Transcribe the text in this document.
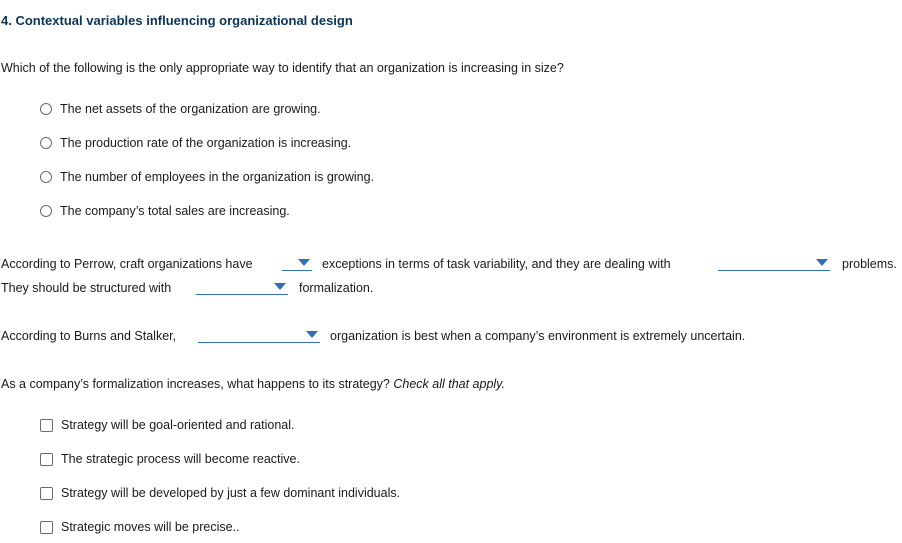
4. Contextual variables influencing organizational design
Which of the following is the only appropriate way to identify that an organization is increasing in size?
The net assets of the organization are growing.
The production rate of the organization is increasing.
The number of employees in the organization is growing.
The company’s total sales are increasing.
According to Perrow, craft organizations have	exceptions in terms of task variability, and they are dealing with	problems.
They should be structured with	formalization.
According to Burns and Stalker,	organization is best when a company’s environment is extremely uncertain.
As a company’s formalization increases, what happens to its strategy? Check all that apply.
Strategy will be goal-oriented and rational.
The strategic process will become reactive.
Strategy will be developed by just a few dominant individuals.
Strategic moves will be precise..
